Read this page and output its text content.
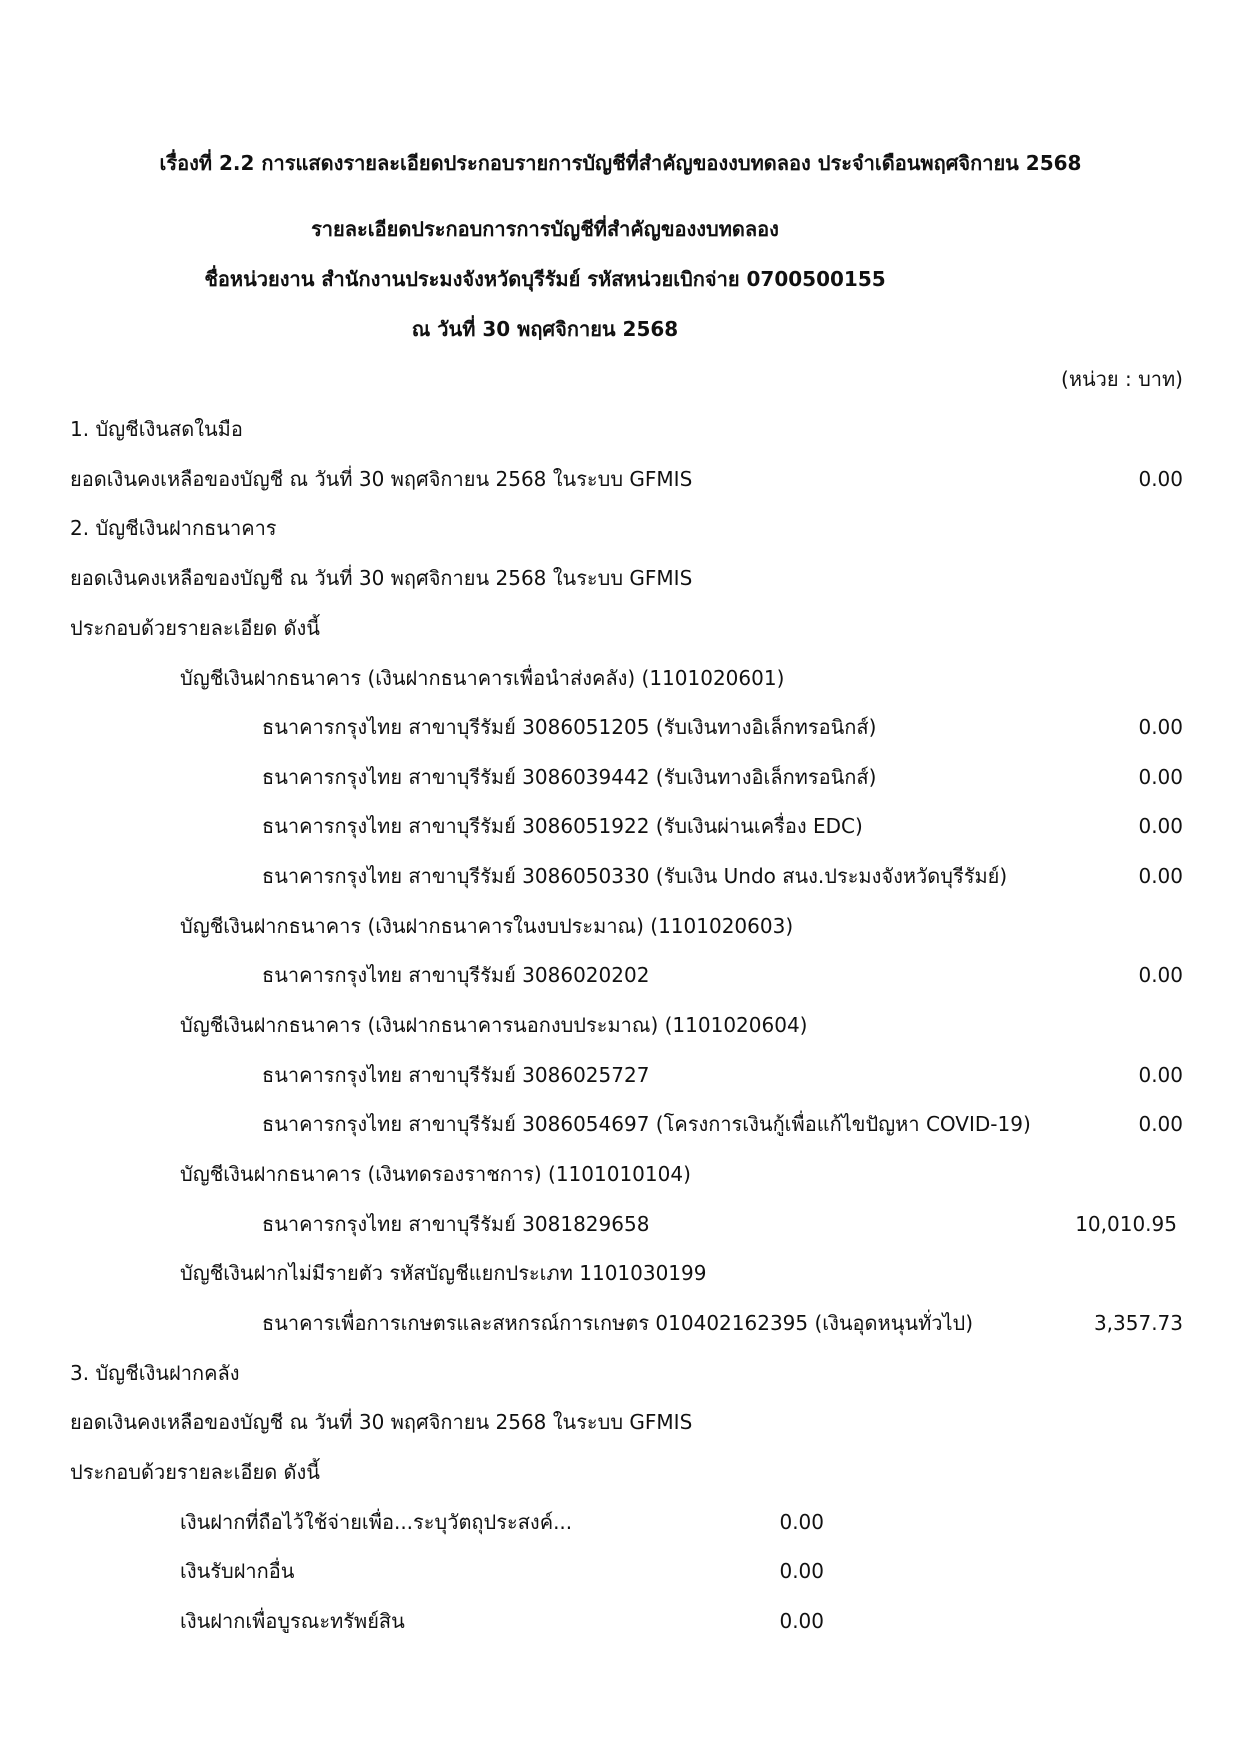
เรื่องที่ 2.2 การแสดงรายละเอียดประกอบรายการบัญชีที่สำคัญของงบทดลอง ประจำเดือนพฤศจิกายน 2568
รายละเอียดประกอบการการบัญชีที่สำคัญของงบทดลอง
ชื่อหน่วยงาน สำนักงานประมงจังหวัดบุรีรัมย์ รหัสหน่วยเบิกจ่าย 0700500155
ณ วันที่ 30 พฤศจิกายน 2568
(หน่วย : บาท)
1. บัญชีเงินสดในมือ
ยอดเงินคงเหลือของบัญชี ณ วันที่ 30 พฤศจิกายน 2568 ในระบบ GFMIS	0.00
2. บัญชีเงินฝากธนาคาร
ยอดเงินคงเหลือของบัญชี ณ วันที่ 30 พฤศจิกายน 2568 ในระบบ GFMIS
ประกอบด้วยรายละเอียด ดังนี้
บัญชีเงินฝากธนาคาร (เงินฝากธนาคารเพื่อนำส่งคลัง) (1101020601)
ธนาคารกรุงไทย สาขาบุรีรัมย์ 3086051205 (รับเงินทางอิเล็กทรอนิกส์)	0.00
ธนาคารกรุงไทย สาขาบุรีรัมย์ 3086039442 (รับเงินทางอิเล็กทรอนิกส์)	0.00
ธนาคารกรุงไทย สาขาบุรีรัมย์ 3086051922 (รับเงินผ่านเครื่อง EDC)	0.00
ธนาคารกรุงไทย สาขาบุรีรัมย์ 3086050330 (รับเงิน Undo สนง.ประมงจังหวัดบุรีรัมย์)	0.00
บัญชีเงินฝากธนาคาร (เงินฝากธนาคารในงบประมาณ) (1101020603)
ธนาคารกรุงไทย สาขาบุรีรัมย์ 3086020202	0.00
บัญชีเงินฝากธนาคาร (เงินฝากธนาคารนอกงบประมาณ) (1101020604)
ธนาคารกรุงไทย สาขาบุรีรัมย์ 3086025727	0.00
ธนาคารกรุงไทย สาขาบุรีรัมย์ 3086054697 (โครงการเงินกู้เพื่อแก้ไขปัญหา COVID-19)	0.00
บัญชีเงินฝากธนาคาร (เงินทดรองราชการ) (1101010104)
ธนาคารกรุงไทย สาขาบุรีรัมย์ 3081829658	10,010.95
บัญชีเงินฝากไม่มีรายตัว รหัสบัญชีแยกประเภท 1101030199
ธนาคารเพื่อการเกษตรและสหกรณ์การเกษตร 010402162395 (เงินอุดหนุนทั่วไป)	3,357.73
3. บัญชีเงินฝากคลัง
ยอดเงินคงเหลือของบัญชี ณ วันที่ 30 พฤศจิกายน 2568 ในระบบ GFMIS
ประกอบด้วยรายละเอียด ดังนี้
เงินฝากที่ถือไว้ใช้จ่ายเพื่อ...ระบุวัตถุประสงค์...	0.00
เงินรับฝากอื่น	0.00
เงินฝากเพื่อบูรณะทรัพย์สิน	0.00
